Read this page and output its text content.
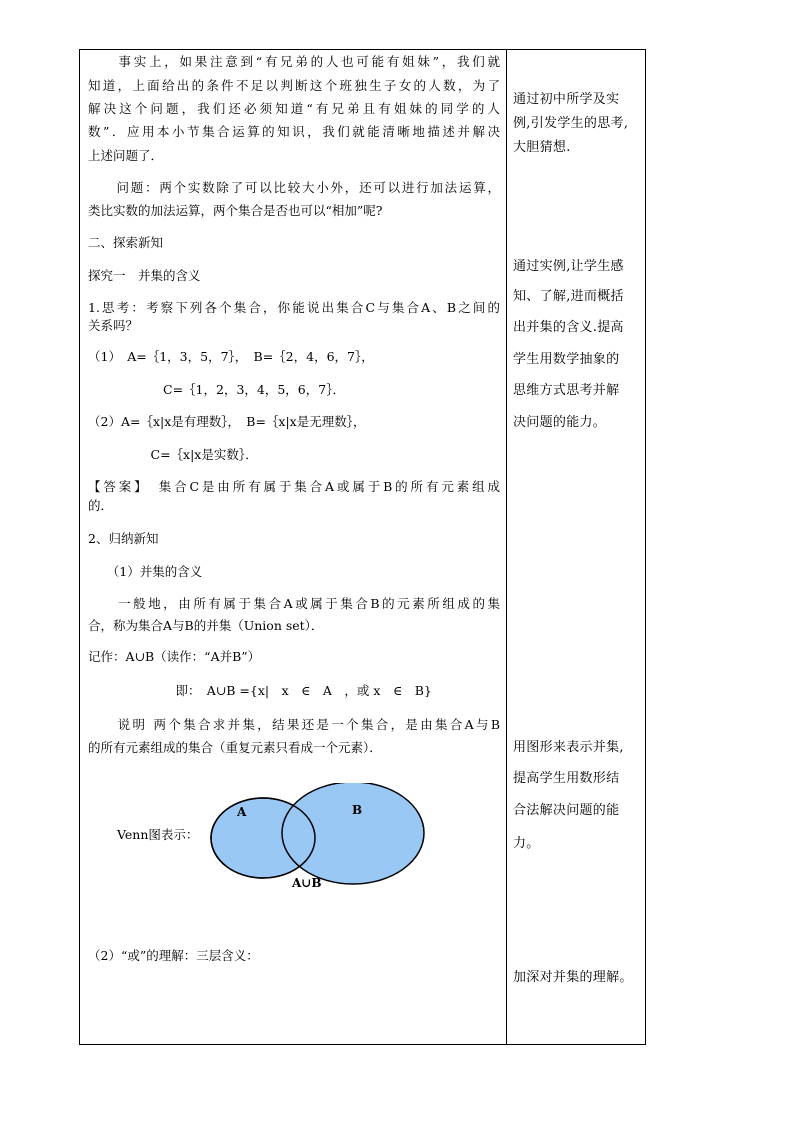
　　事实上，如果注意到“有兄弟的人也可能有姐妹”，我们就
知道，上面给出的条件不足以判断这个班独生子女的人数，为了
解决这个问题，我们还必须知道“有兄弟且有姐妹的同学的人
数”．应用本小节集合运算的知识，我们就能清晰地描述并解决
上述问题了．
　　问题：两个实数除了可以比较大小外，还可以进行加法运算，
类比实数的加法运算，两个集合是否也可以“相加”呢?
二、探索新知
探究一　并集的含义
1.思考：考察下列各个集合，你能说出集合C与集合A、B之间的
关系吗？
（1）　A=｛1，3，5，7｝，　B=｛2，4，6，7｝，
　　　　　　C=｛1，2，3，4，5，6，7｝．
（2）A=｛x|x是有理数｝，　B=｛x|x是无理数｝，
　　　　　C=｛x|x是实数｝．
【答案】　集合C是由所有属于集合A或属于B的所有元素组成
的．
2、归纳新知
　　（1）并集的含义
　　一般地，由所有属于集合A或属于集合B的元素所组成的集
合，称为集合A与B的并集（Union set）．
记作：A∪B（读作：“A并B”）
　　　　　　　即：　A∪B ={x|　x　∈　A　，或 x　∈　B}
　　说明 两个集合求并集，结果还是一个集合，是由集合A与B
的所有元素组成的集合（重复元素只看成一个元素）．
Venn图表示：
A	B
A∪B
（2）“或”的理解：三层含义：
通过初中所学及实
例,引发学生的思考,
大胆猜想.
通过实例,让学生感
知、了解,进而概括
出并集的含义.提高
学生用数学抽象的
思维方式思考并解
决问题的能力。
用图形来表示并集,
提高学生用数形结
合法解决问题的能
力。
加深对并集的理解。
